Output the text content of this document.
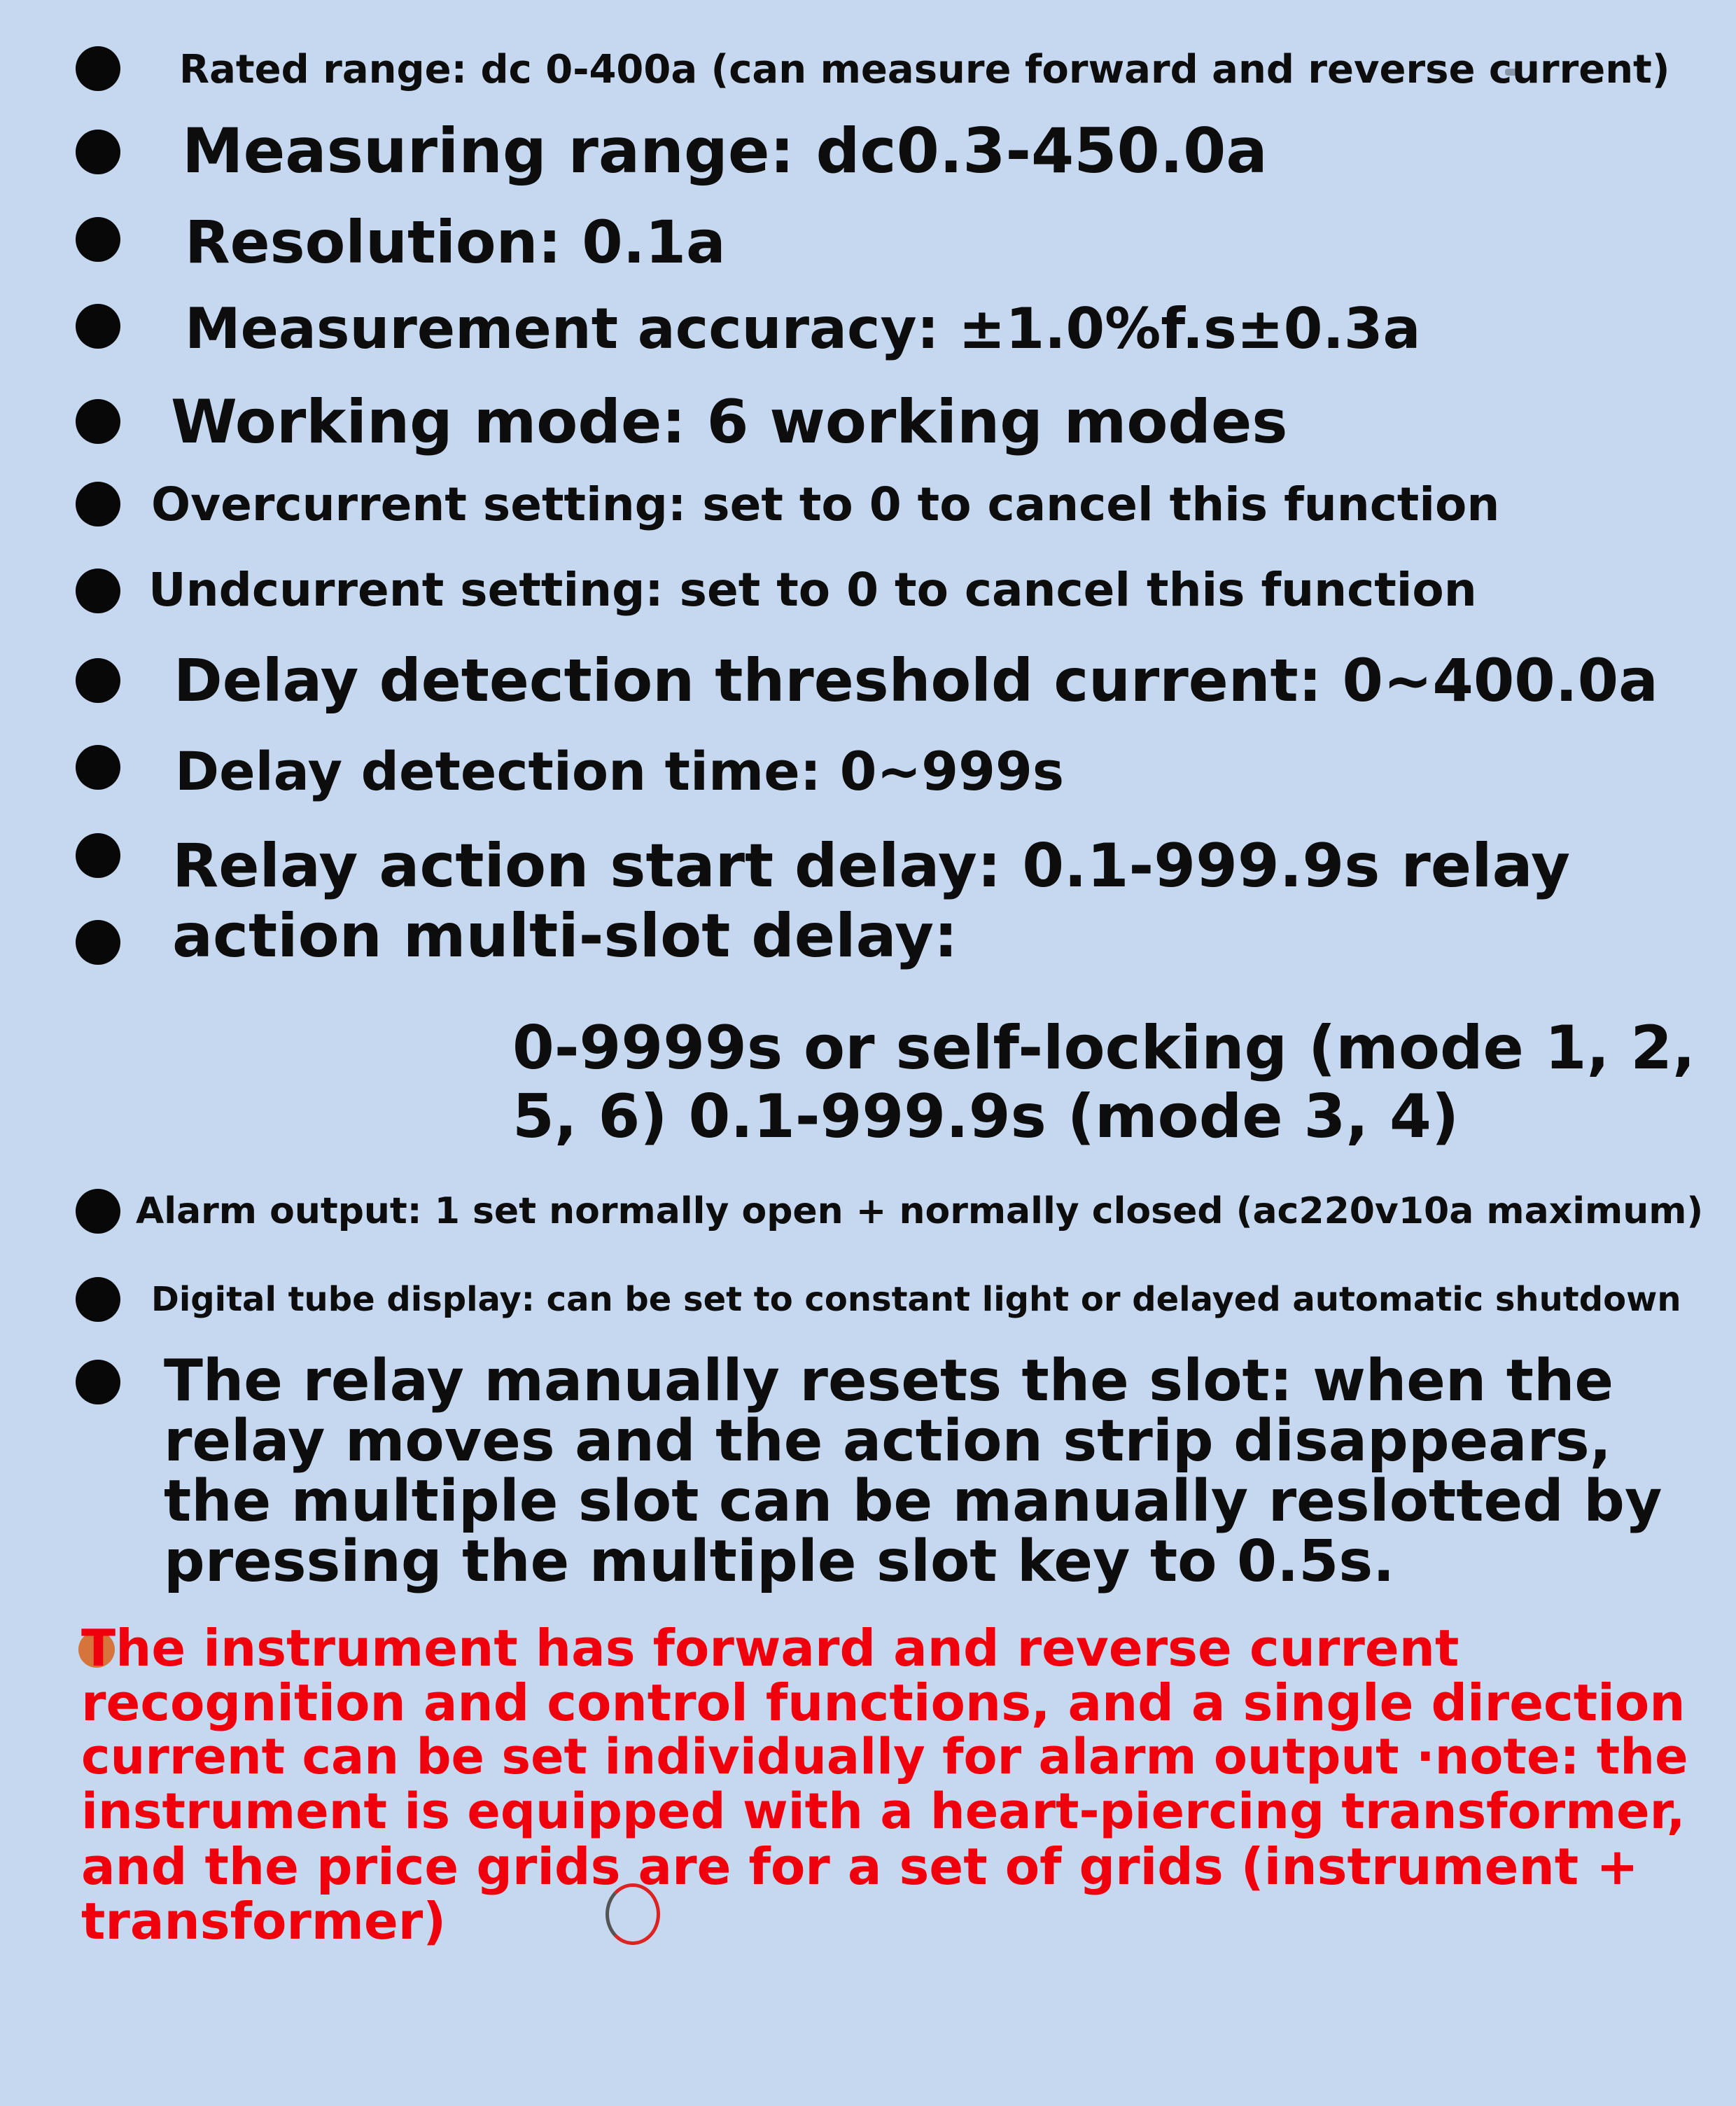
Rated range: dc 0-400a (can measure forward and reverse current)
Measuring range: dc0.3-450.0a
Resolution: 0.1a
Measurement accuracy: ±1.0%f.s±0.3a
Working mode: 6 working modes
Overcurrent setting: set to 0 to cancel this function
Undcurrent setting: set to 0 to cancel this function
Delay detection threshold current: 0~400.0a
Delay detection time: 0~999s
Relay action start delay: 0.1-999.9s relay
action multi-slot delay:
0-9999s or self-locking (mode 1, 2,
5, 6) 0.1-999.9s (mode 3, 4)
Alarm output: 1 set normally open + normally closed (ac220v10a maximum)
Digital tube display: can be set to constant light or delayed automatic shutdown
The relay manually resets the slot: when the
relay moves and the action strip disappears,
the multiple slot can be manually reslotted by
pressing the multiple slot key to 0.5s.
The instrument has forward and reverse current
recognition and control functions, and a single direction
current can be set individually for alarm output ·note: the
instrument is equipped with a heart-piercing transformer,
and the price grids are for a set of grids (instrument +
transformer)
